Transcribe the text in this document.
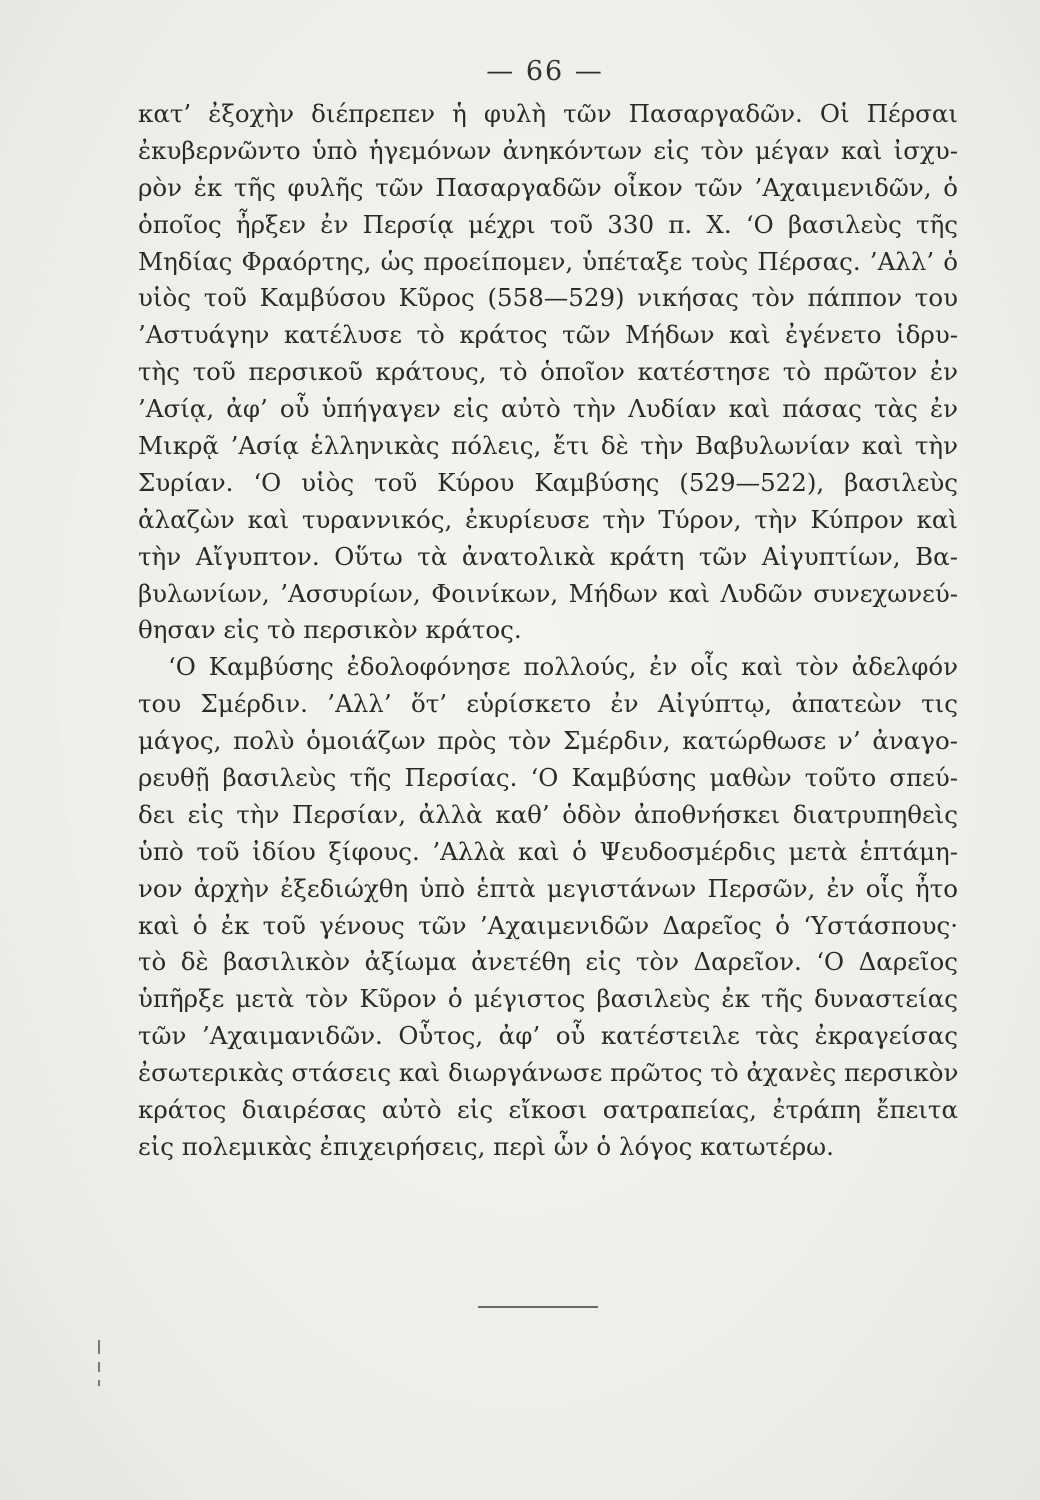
— 66 —
κατ’ ἐξοχὴν διέπρεπεν ἡ φυλὴ τῶν Πασαργαδῶν. Οἱ Πέρσαι
ἐκυβερνῶντο ὑπὸ ἡγεμόνων ἀνηκόντων εἰς τὸν μέγαν καὶ ἰσχυ-
ρὸν ἐκ τῆς φυλῆς τῶν Πασαργαδῶν οἶκον τῶν ’Αχαιμενιδῶν, ὁ
ὁποῖος ἦρξεν ἐν Περσίᾳ μέχρι τοῦ 330 π. Χ. ‘Ο βασιλεὺς τῆς
Μηδίας Φραόρτης, ὡς προείπομεν, ὑπέταξε τοὺς Πέρσας. ’Αλλ’ ὁ
υἱὸς τοῦ Καμβύσου Κῦρος (558—529) νικήσας τὸν πάππον του
’Αστυάγην κατέλυσε τὸ κράτος τῶν Μήδων καὶ ἐγένετο ἱδρυ-
τὴς τοῦ περσικοῦ κράτους, τὸ ὁποῖον κατέστησε τὸ πρῶτον ἐν
’Ασίᾳ, ἀφ’ οὗ ὑπήγαγεν εἰς αὐτὸ τὴν Λυδίαν καὶ πάσας τὰς ἐν
Μικρᾷ ’Ασίᾳ ἑλληνικὰς πόλεις, ἔτι δὲ τὴν Βαβυλωνίαν καὶ τὴν
Συρίαν. ‘Ο υἱὸς τοῦ Κύρου Καμβύσης (529—522), βασιλεὺς
ἀλαζὼν καὶ τυραννικός, ἐκυρίευσε τὴν Τύρον, τὴν Κύπρον καὶ
τὴν Αἴγυπτον. Οὕτω τὰ ἀνατολικὰ κράτη τῶν Αἰγυπτίων, Βα-
βυλωνίων, ’Ασσυρίων, Φοινίκων, Μήδων καὶ Λυδῶν συνεχωνεύ-
θησαν εἰς τὸ περσικὸν κράτος.
‘Ο Καμβύσης ἐδολοφόνησε πολλούς, ἐν οἷς καὶ τὸν ἀδελφόν
του Σμέρδιν. ’Αλλ’ ὅτ’ εὑρίσκετο ἐν Αἰγύπτῳ, ἀπατεὼν τις
μάγος, πολὺ ὁμοιάζων πρὸς τὸν Σμέρδιν, κατώρθωσε ν’ ἀναγο-
ρευθῇ βασιλεὺς τῆς Περσίας. ‘Ο Καμβύσης μαθὼν τοῦτο σπεύ-
δει εἰς τὴν Περσίαν, ἀλλὰ καθ’ ὁδὸν ἀποθνήσκει διατρυπηθεὶς
ὑπὸ τοῦ ἰδίου ξίφους. ’Αλλὰ καὶ ὁ Ψευδοσμέρδις μετὰ ἑπτάμη-
νον ἀρχὴν ἐξεδιώχθη ὑπὸ ἑπτὰ μεγιστάνων Περσῶν, ἐν οἷς ἦτο
καὶ ὁ ἐκ τοῦ γένους τῶν ’Αχαιμενιδῶν Δαρεῖος ὁ ‘Υστάσπους·
τὸ δὲ βασιλικὸν ἀξίωμα ἀνετέθη εἰς τὸν Δαρεῖον. ‘Ο Δαρεῖος
ὑπῆρξε μετὰ τὸν Κῦρον ὁ μέγιστος βασιλεὺς ἐκ τῆς δυναστείας
τῶν ’Αχαιμανιδῶν. Οὗτος, ἀφ’ οὗ κατέστειλε τὰς ἐκραγείσας
ἐσωτερικὰς στάσεις καὶ διωργάνωσε πρῶτος τὸ ἀχανὲς περσικὸν
κράτος διαιρέσας αὐτὸ εἰς εἴκοσι σατραπείας, ἐτράπη ἔπειτα
εἰς πολεμικὰς ἐπιχειρήσεις, περὶ ὧν ὁ λόγος κατωτέρω.
